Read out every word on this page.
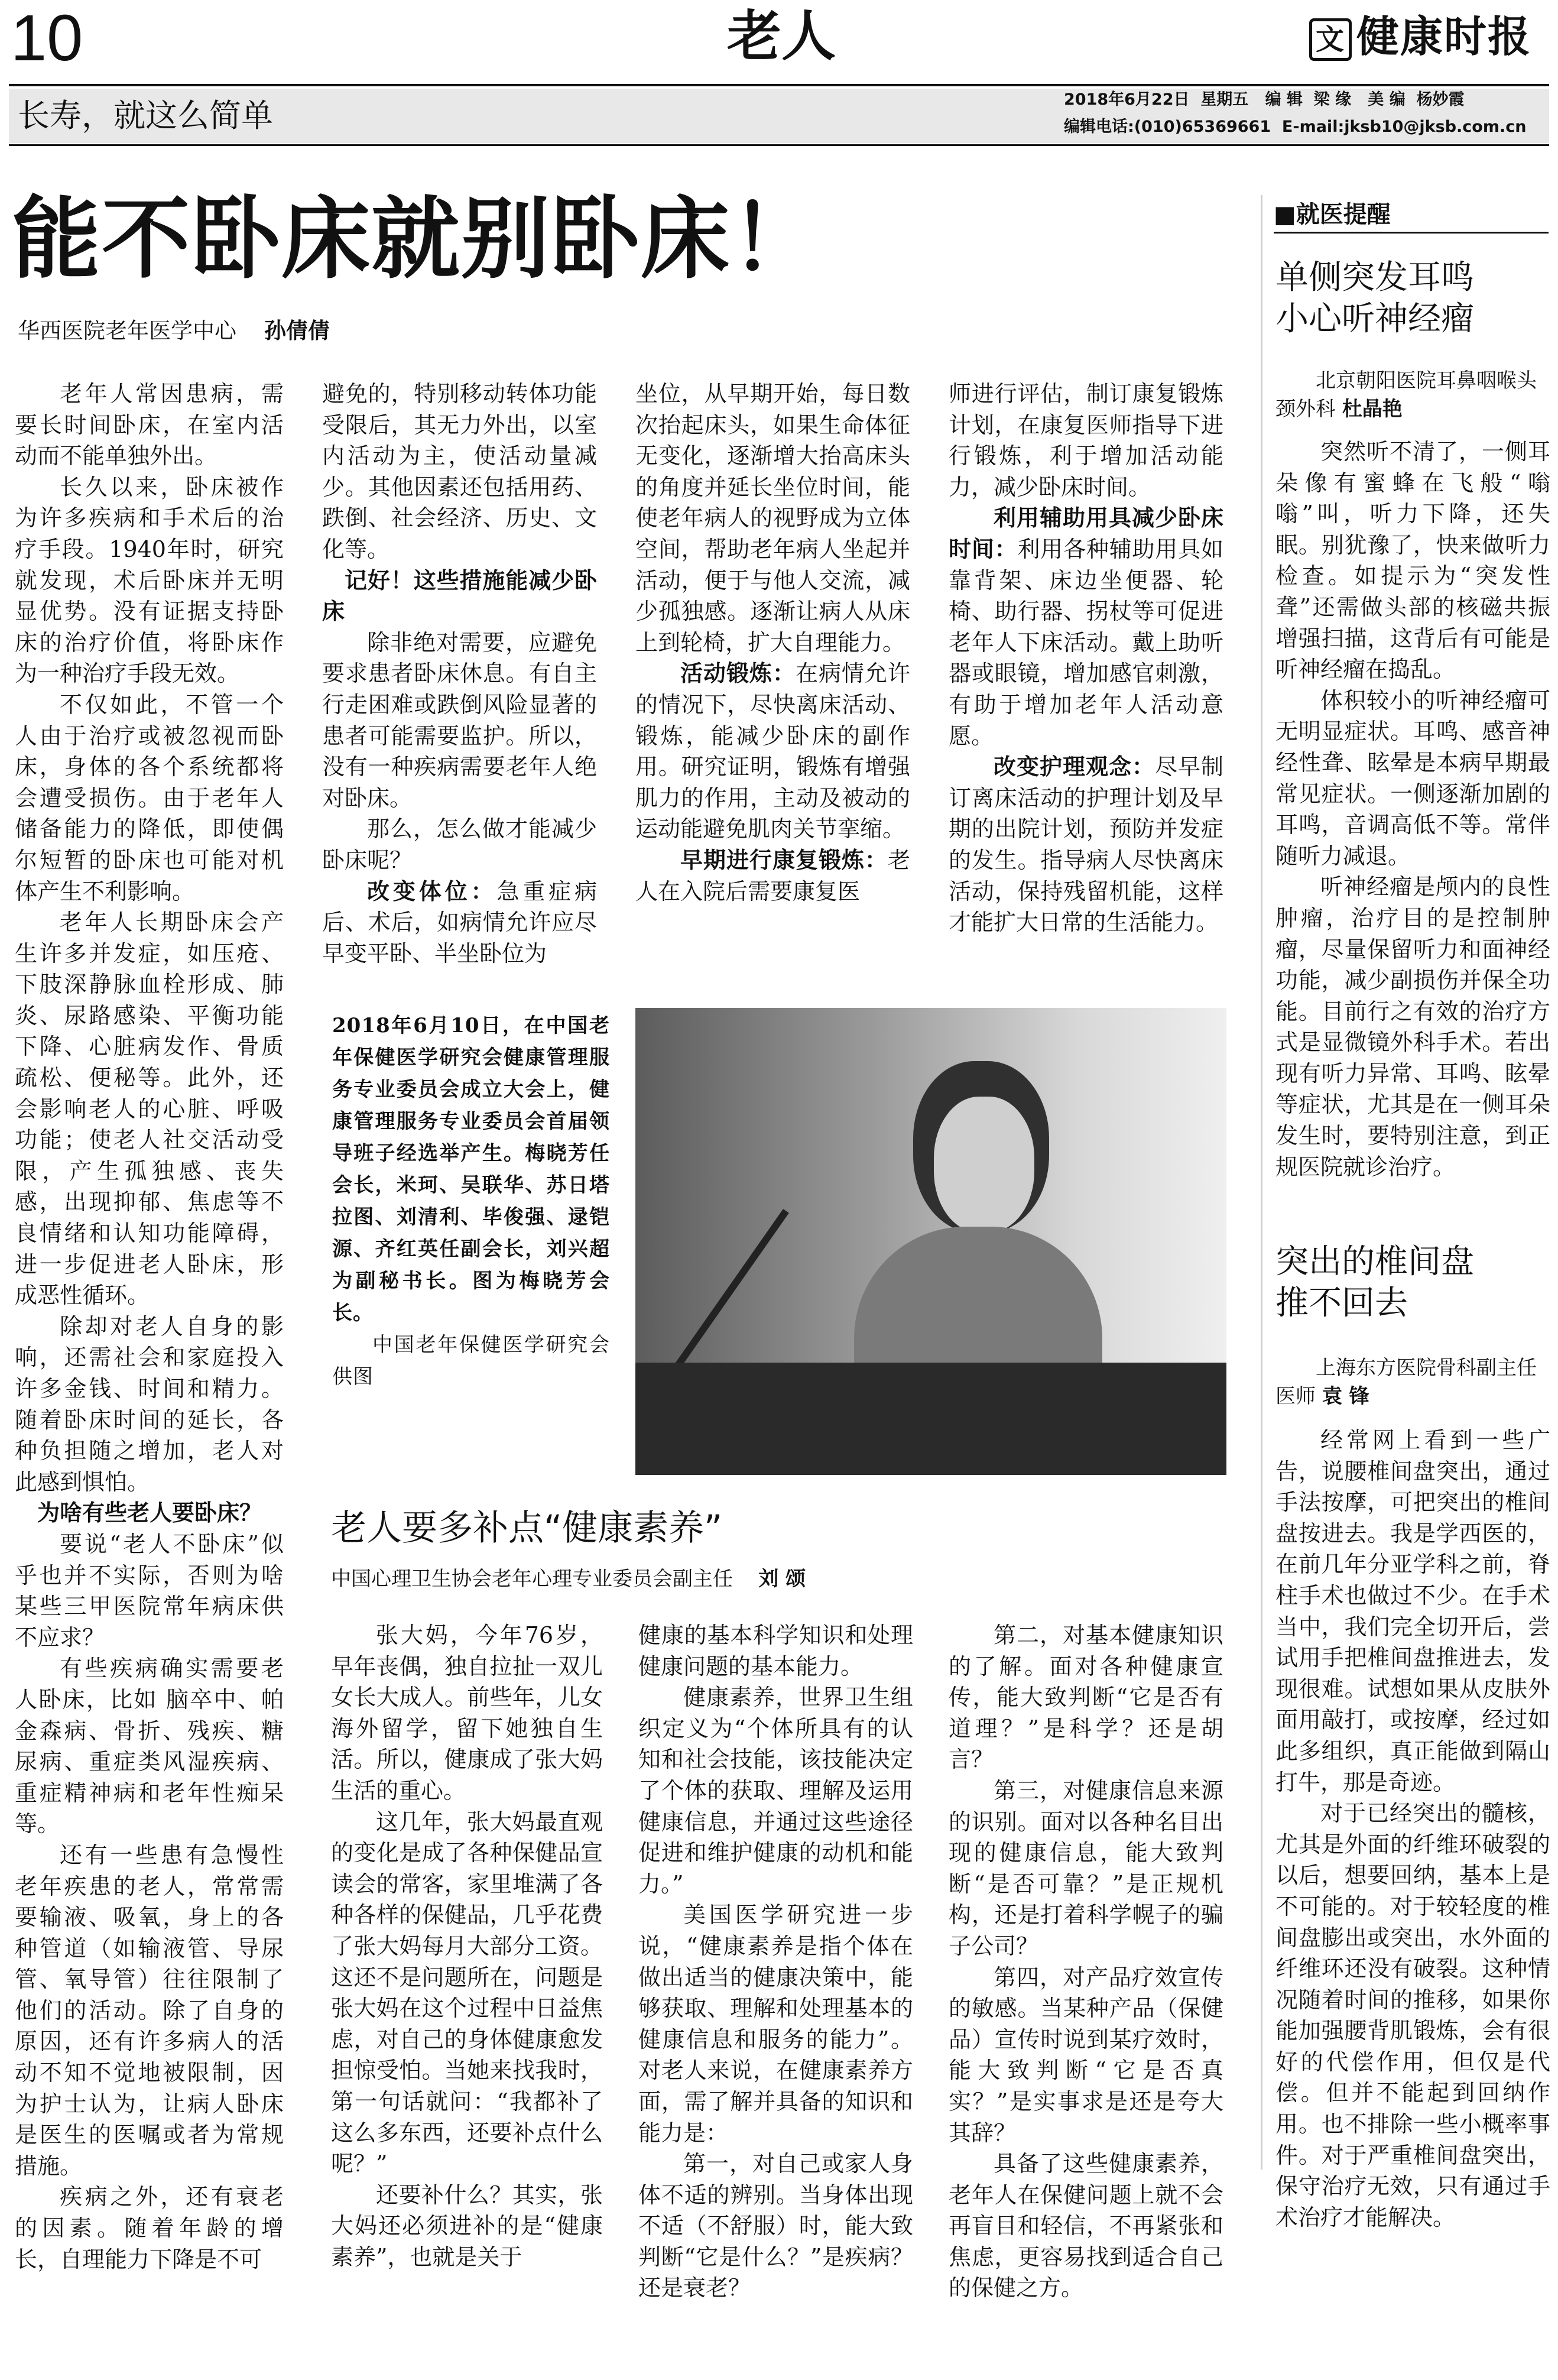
10	老人	文 健康时报
长寿，就这么简单	2018年6月22日  星期五   编 辑  梁 缘   美 编  杨妙霞
编辑电话:(010)65369661  E-mail:jksb10@jksb.com.cn
能不卧床就别卧床！
华西医院老年医学中心 孙倩倩

老年人常因患病，需要长时间卧床，在室内活动而不能单独外出。

长久以来，卧床被作为许多疾病和手术后的治疗手段。1940年时，研究就发现，术后卧床并无明显优势。没有证据支持卧床的治疗价值，将卧床作为一种治疗手段无效。

不仅如此，不管一个人由于治疗或被忽视而卧床，身体的各个系统都将会遭受损伤。由于老年人储备能力的降低，即使偶尔短暂的卧床也可能对机体产生不利影响。

老年人长期卧床会产生许多并发症，如压疮、下肢深静脉血栓形成、肺炎、尿路感染、平衡功能下降、心脏病发作、骨质疏松、便秘等。此外，还会影响老人的心脏、呼吸功能；使老人社交活动受限，产生孤独感、丧失感，出现抑郁、焦虑等不良情绪和认知功能障碍，进一步促进老人卧床，形成恶性循环。

除却对老人自身的影响，还需社会和家庭投入许多金钱、时间和精力。随着卧床时间的延长，各种负担随之增加，老人对此感到惧怕。

为啥有些老人要卧床？

要说“老人不卧床”似乎也并不实际，否则为啥某些三甲医院常年病床供不应求？

有些疾病确实需要老人卧床，比如 脑卒中、帕金森病、骨折、残疾、糖尿病、重症类风湿疾病、重症精神病和老年性痴呆等。

还有一些患有急慢性老年疾患的老人，常常需要输液、吸氧，身上的各种管道（如输液管、导尿管、氧导管）往往限制了他们的活动。除了自身的原因，还有许多病人的活动不知不觉地被限制，因为护士认为，让病人卧床是医生的医嘱或者为常规措施。

疾病之外，还有衰老的因素。随着年龄的增长，自理能力下降是不可

避免的，特别移动转体功能受限后，其无力外出，以室内活动为主，使活动量减少。其他因素还包括用药、跌倒、社会经济、历史、文化等。

记好！这些措施能减少卧床

除非绝对需要，应避免要求患者卧床休息。有自主行走困难或跌倒风险显著的患者可能需要监护。所以，没有一种疾病需要老年人绝对卧床。

那么，怎么做才能减少卧床呢？

改变体位：急重症病后、术后，如病情允许应尽早变平卧、半坐卧位为

坐位，从早期开始，每日数次抬起床头，如果生命体征无变化，逐渐增大抬高床头的角度并延长坐位时间，能使老年病人的视野成为立体空间，帮助老年病人坐起并活动，便于与他人交流，减少孤独感。逐渐让病人从床上到轮椅，扩大自理能力。

活动锻炼：在病情允许的情况下，尽快离床活动、锻炼，能减少卧床的副作用。研究证明，锻炼有增强肌力的作用，主动及被动的运动能避免肌肉关节挛缩。

早期进行康复锻炼：老人在入院后需要康复医

师进行评估，制订康复锻炼计划，在康复医师指导下进行锻炼，利于增加活动能力，减少卧床时间。

利用辅助用具减少卧床时间：利用各种辅助用具如靠背架、床边坐便器、轮椅、助行器、拐杖等可促进老年人下床活动。戴上助听器或眼镜，增加感官刺激，有助于增加老年人活动意愿。

改变护理观念：尽早制订离床活动的护理计划及早期的出院计划，预防并发症的发生。指导病人尽快离床活动，保持残留机能，这样才能扩大日常的生活能力。

2018年6月10日，在中国老年保健医学研究会健康管理服务专业委员会成立大会上，健康管理服务专业委员会首届领导班子经选举产生。梅晓芳任会长，米珂、吴联华、苏日塔拉图、刘清利、毕俊强、逯铠源、齐红英任副会长，刘兴超为副秘书长。图为梅晓芳会长。
中国老年保健医学研究会供图
老人要多补点“健康素养”
中国心理卫生协会老年心理专业委员会副主任 刘 颂

张大妈，今年76岁，早年丧偶，独自拉扯一双儿女长大成人。前些年，儿女海外留学，留下她独自生活。所以，健康成了张大妈生活的重心。

这几年，张大妈最直观的变化是成了各种保健品宣读会的常客，家里堆满了各种各样的保健品，几乎花费了张大妈每月大部分工资。这还不是问题所在，问题是张大妈在这个过程中日益焦虑，对自己的身体健康愈发担惊受怕。当她来找我时，第一句话就问：“我都补了这么多东西，还要补点什么呢？”

还要补什么？其实，张大妈还必须进补的是“健康素养”，也就是关于

健康的基本科学知识和处理健康问题的基本能力。

健康素养，世界卫生组织定义为“个体所具有的认知和社会技能，该技能决定了个体的获取、理解及运用健康信息，并通过这些途径促进和维护健康的动机和能力。”

美国医学研究进一步说，“健康素养是指个体在做出适当的健康决策中，能够获取、理解和处理基本的健康信息和服务的能力”。对老人来说，在健康素养方面，需了解并具备的知识和能力是：

第一，对自己或家人身体不适的辨别。当身体出现不适（不舒服）时，能大致判断“它是什么？”是疾病？还是衰老？

第二，对基本健康知识的了解。面对各种健康宣传，能大致判断“它是否有道理？”是科学？还是胡言？

第三，对健康信息来源的识别。面对以各种名目出现的健康信息，能大致判断“是否可靠？”是正规机构，还是打着科学幌子的骗子公司？

第四，对产品疗效宣传的敏感。当某种产品（保健品）宣传时说到某疗效时，能大致判断“它是否真实？”是实事求是还是夸大其辞？

具备了这些健康素养，老年人在保健问题上就不会再盲目和轻信，不再紧张和焦虑，更容易找到适合自己的保健之方。

■就医提醒
单侧突发耳鸣
小心听神经瘤
北京朝阳医院耳鼻咽喉头颈外科 杜晶艳

突然听不清了，一侧耳朵像有蜜蜂在飞般“嗡嗡”叫，听力下降，还失眠。别犹豫了，快来做听力检查。如提示为“突发性聋”还需做头部的核磁共振增强扫描，这背后有可能是听神经瘤在捣乱。

体积较小的听神经瘤可无明显症状。耳鸣、感音神经性聋、眩晕是本病早期最常见症状。一侧逐渐加剧的耳鸣，音调高低不等。常伴随听力减退。

听神经瘤是颅内的良性肿瘤，治疗目的是控制肿瘤，尽量保留听力和面神经功能，减少副损伤并保全功能。目前行之有效的治疗方式是显微镜外科手术。若出现有听力异常、耳鸣、眩晕等症状，尤其是在一侧耳朵发生时，要特别注意，到正规医院就诊治疗。

突出的椎间盘
推不回去
上海东方医院骨科副主任医师 袁 锋

经常网上看到一些广告，说腰椎间盘突出，通过手法按摩，可把突出的椎间盘按进去。我是学西医的，在前几年分亚学科之前，脊柱手术也做过不少。在手术当中，我们完全切开后，尝试用手把椎间盘推进去，发现很难。试想如果从皮肤外面用敲打，或按摩，经过如此多组织，真正能做到隔山打牛，那是奇迹。

对于已经突出的髓核，尤其是外面的纤维环破裂的以后，想要回纳，基本上是不可能的。对于较轻度的椎间盘膨出或突出，水外面的纤维环还没有破裂。这种情况随着时间的推移，如果你能加强腰背肌锻炼，会有很好的代偿作用，但仅是代偿。但并不能起到回纳作用。也不排除一些小概率事件。对于严重椎间盘突出，保守治疗无效，只有通过手术治疗才能解决。
